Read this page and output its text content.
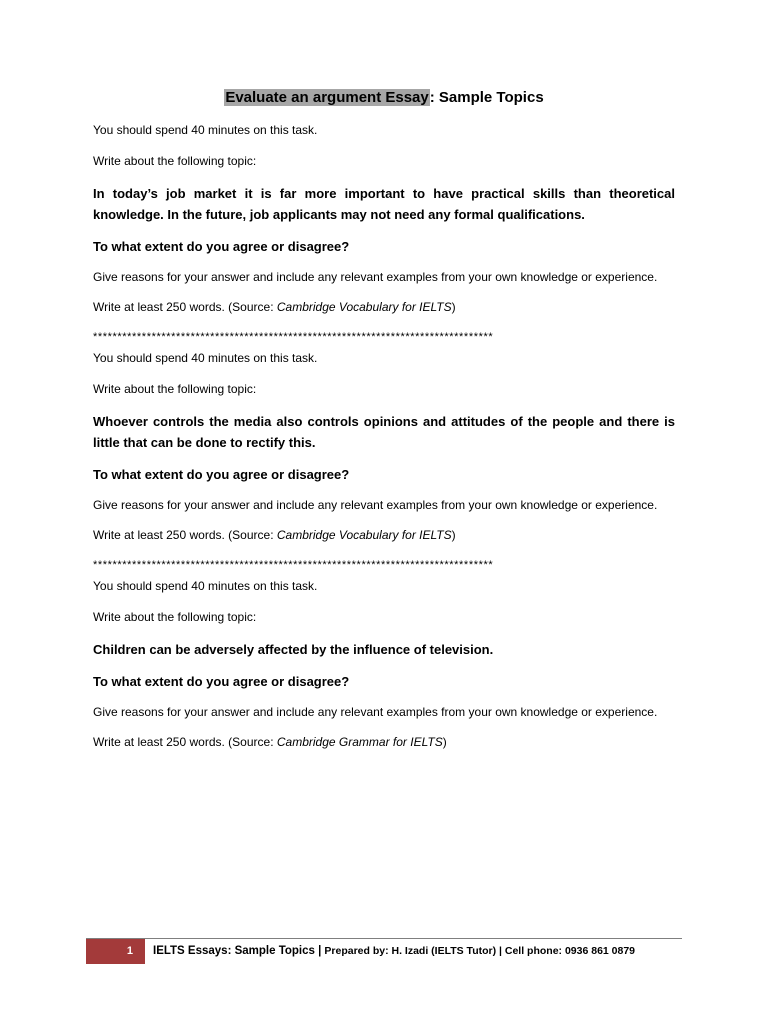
Evaluate an argument Essay: Sample Topics

You should spend 40 minutes on this task.

Write about the following topic:

In today’s job market it is far more important to have practical skills than theoretical knowledge. In the future, job applicants may not need any formal qualifications.

To what extent do you agree or disagree?

Give reasons for your answer and include any relevant examples from your own knowledge or experience.

Write at least 250 words. (Source: Cambridge Vocabulary for IELTS)

**********************************************************************************

You should spend 40 minutes on this task.

Write about the following topic:

Whoever controls the media also controls opinions and attitudes of the people and there is little that can be done to rectify this.

To what extent do you agree or disagree?

Give reasons for your answer and include any relevant examples from your own knowledge or experience.

Write at least 250 words. (Source: Cambridge Vocabulary for IELTS)

**********************************************************************************

You should spend 40 minutes on this task.

Write about the following topic:

Children can be adversely affected by the influence of television.

To what extent do you agree or disagree?

Give reasons for your answer and include any relevant examples from your own knowledge or experience.

Write at least 250 words. (Source: Cambridge Grammar for IELTS)

1	IELTS Essays: Sample Topics | Prepared by: H. Izadi (IELTS Tutor) | Cell phone: 0936 861 0879
